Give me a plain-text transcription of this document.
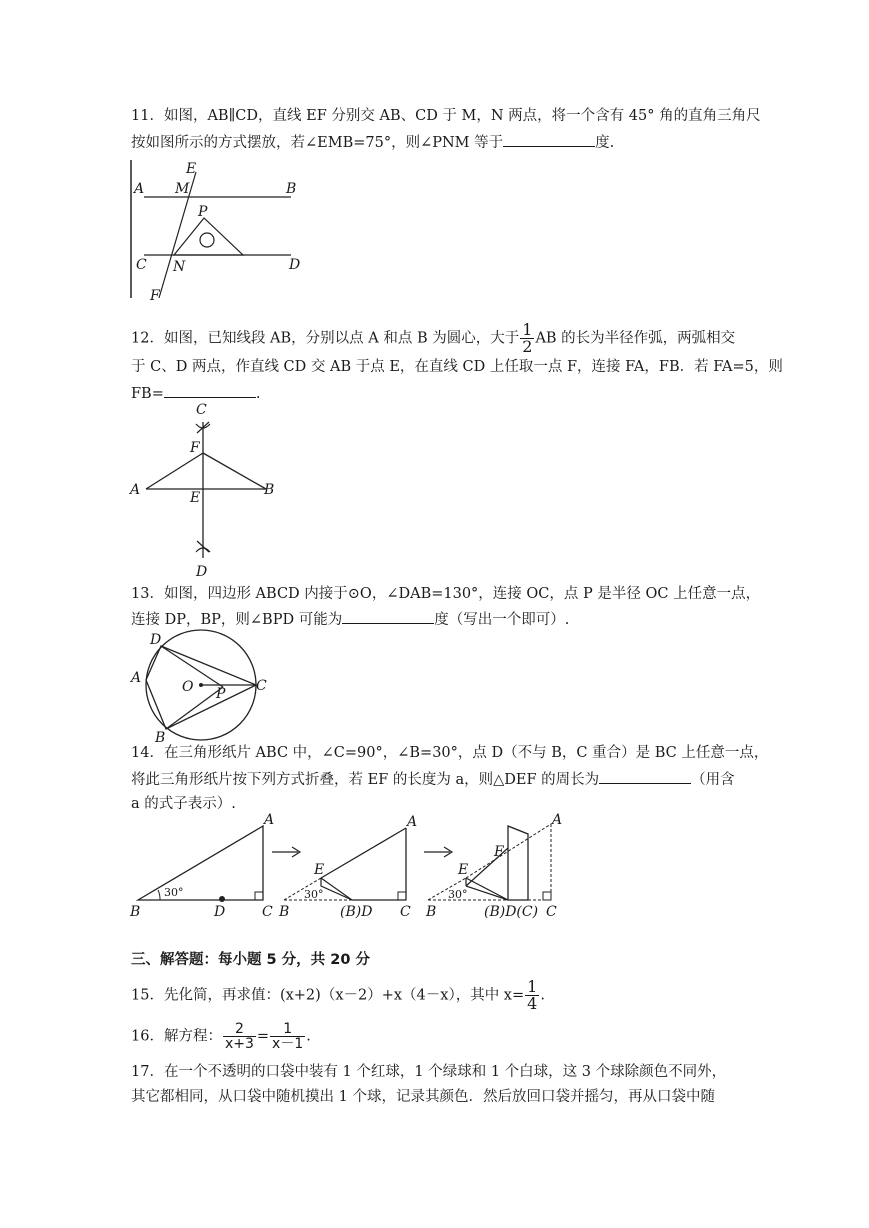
11．如图，AB∥CD，直线 EF 分别交 AB、CD 于 M，N 两点，将一个含有 45° 角的直角三角尺
按如图所示的方式摆放，若∠EMB=75°，则∠PNM 等于	度.
E
M
A	B
P
C N	D
F
12．如图，已知线段 AB，分别以点 A 和点 B 为圆心，大于 $\frac{1}{2}$ AB 的长为半径作弧，两弧相交
于 C、D 两点，作直线 CD 交 AB 于点 E，在直线 CD 上任取一点 F，连接 FA，FB．若 FA=5，则
FB=	.
C
F
A	E	B
D
13．如图，四边形 ABCD 内接于⊙O，∠DAB=130°，连接 OC，点 P 是半径 OC 上任意一点，
连接 DP，BP，则∠BPD 可能为	度（写出一个即可）.
D
A
O P C
B
14．在三角形纸片 ABC 中，∠C=90°，∠B=30°，点 D（不与 B，C 重合）是 BC 上任意一点，
将此三角形纸片按下列方式折叠，若 EF 的长度为 a，则△DEF 的周长为	（用含
a 的式子表示）.
30°
A
B	D	C
30°
A
E
B	(B)D C
30°
A
E
F
B	(B)D(C) C
三、解答题：每小题 5 分，共 20 分
15．先化简，再求值：(x+2)（x－2）+x（4－x），其中 $x= \frac{1}{4}$ .
16．解方程： $\frac{2}{x+3} = \frac{1}{x-1}$ .
17．在一个不透明的口袋中装有 1 个红球，1 个绿球和 1 个白球，这 3 个球除颜色不同外，
其它都相同，从口袋中随机摸出 1 个球，记录其颜色．然后放回口袋并摇匀，再从口袋中随
